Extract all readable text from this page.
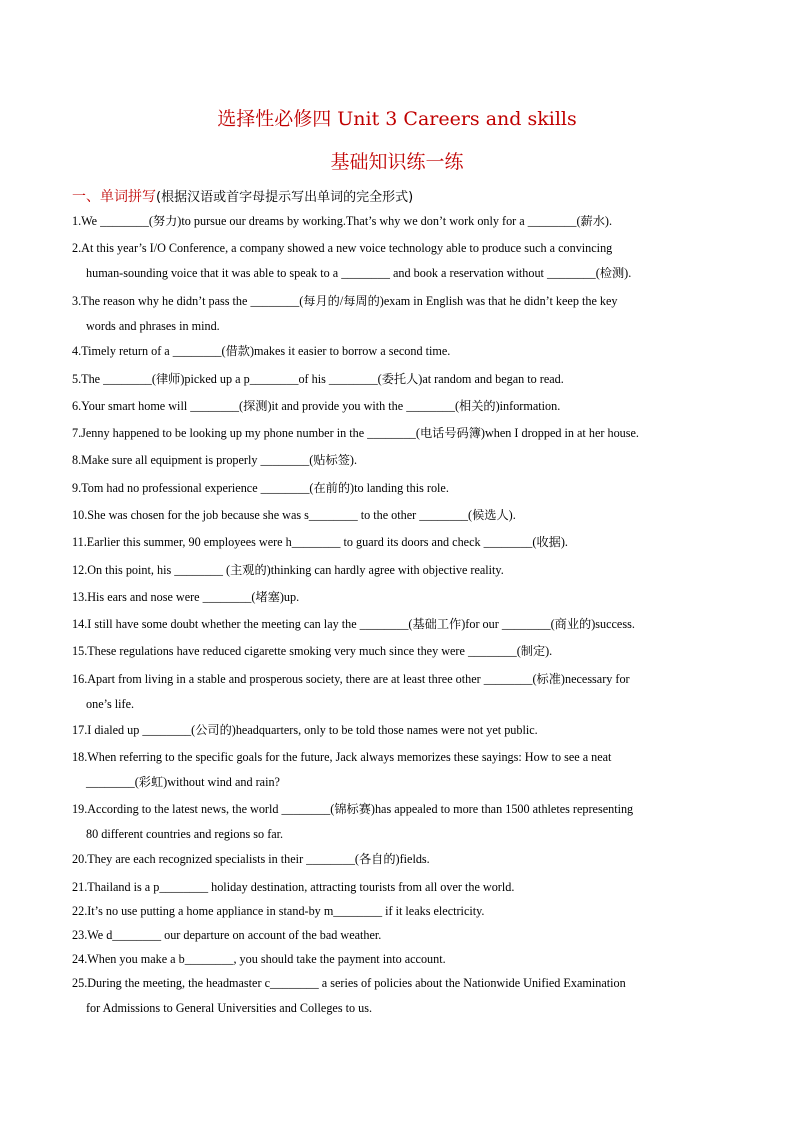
选择性必修四 Unit 3 Careers and skills
基础知识练一练
一、单词拼写(根据汉语或首字母提示写出单词的完全形式)
1.We ________(努力)to pursue our dreams by working.That’s why we don’t work only for a ________(薪水).
2.At this year’s I/O Conference, a company showed a new voice technology able to produce such a convincing
human-sounding voice that it was able to speak to a ________ and book a reservation without ________(检测).
3.The reason why he didn’t pass the ________(每月的/每周的)exam in English was that he didn’t keep the key
words and phrases in mind.
4.Timely return of a ________(借款)makes it easier to borrow a second time.
5.The ________(律师)picked up a p________of his ________(委托人)at random and began to read.
6.Your smart home will ________(探测)it and provide you with the ________(相关的)information.
7.Jenny happened to be looking up my phone number in the ________(电话号码簿)when I dropped in at her house.
8.Make sure all equipment is properly ________(贴标签).
9.Tom had no professional experience ________(在前的)to landing this role.
10.She was chosen for the job because she was s________ to the other ________(候选人).
11.Earlier this summer, 90 employees were h________ to guard its doors and check ________(收据).
12.On this point, his ________ (主观的)thinking can hardly agree with objective reality.
13.His ears and nose were ________(堵塞)up.
14.I still have some doubt whether the meeting can lay the ________(基础工作)for our ________(商业的)success.
15.These regulations have reduced cigarette smoking very much since they were ________(制定).
16.Apart from living in a stable and prosperous society, there are at least three other ________(标准)necessary for
one’s life.
17.I dialed up ________(公司的)headquarters, only to be told those names were not yet public.
18.When referring to the specific goals for the future, Jack always memorizes these sayings: How to see a neat
________(彩虹)without wind and rain?
19.According to the latest news, the world ________(锦标赛)has appealed to more than 1500 athletes representing
80 different countries and regions so far.
20.They are each recognized specialists in their ________(各自的)fields.
21.Thailand is a p________ holiday destination, attracting tourists from all over the world.
22.It’s no use putting a home appliance in stand-by m________ if it leaks electricity.
23.We d________ our departure on account of the bad weather.
24.When you make a b________, you should take the payment into account.
25.During the meeting, the headmaster c________ a series of policies about the Nationwide Unified Examination
for Admissions to General Universities and Colleges to us.
